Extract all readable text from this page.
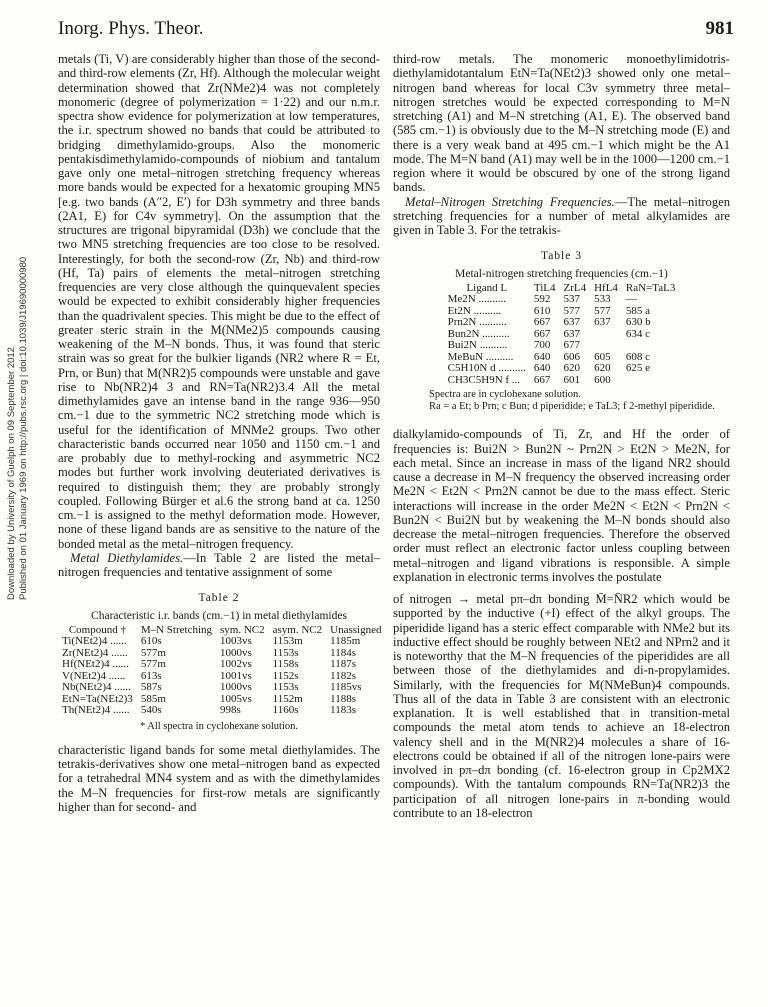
Inorg. Phys. Theor.	981
Downloaded by University of Guelph on 09 September 2012 Published on 01 January 1969 on http://pubs.rsc.org | doi:10.1039/J19690000980

metals (Ti, V) are considerably higher than those of the second- and third-row elements (Zr, Hf). Although the molecular weight determination showed that Zr(NMe2)4 was not completely monomeric (degree of polymerization = 1·22) and our n.m.r. spectra show evidence for polymerization at low temperatures, the i.r. spectrum showed no bands that could be attributed to bridging dimethylamido-groups. Also the monomeric pentakisdimethylamido-compounds of niobium and tantalum gave only one metal–nitrogen stretching frequency whereas more bands would be expected for a hexatomic grouping MN5 [e.g. two bands (A″2, E′) for D3h symmetry and three bands (2A1, E) for C4v symmetry]. On the assumption that the structures are trigonal bipyramidal (D3h) we conclude that the two MN5 stretching frequencies are too close to be resolved. Interestingly, for both the second-row (Zr, Nb) and third-row (Hf, Ta) pairs of elements the metal–nitrogen stretching frequencies are very close although the quinquevalent species would be expected to exhibit considerably higher frequencies than the quadrivalent species. This might be due to the effect of greater steric strain in the M(NMe2)5 compounds causing weakening of the M–N bonds. Thus, it was found that steric strain was so great for the bulkier ligands (NR2 where R = Et, Prn, or Bun) that M(NR2)5 compounds were unstable and gave rise to Nb(NR2)4 3 and RN=Ta(NR2)3.4 All the metal dimethylamides gave an intense band in the range 936—950 cm.−1 due to the symmetric NC2 stretching mode which is useful for the identification of MNMe2 groups. Two other characteristic bands occurred near 1050 and 1150 cm.−1 and are probably due to methyl-rocking and asymmetric NC2 modes but further work involving deuteriated derivatives is required to distinguish them; they are probably strongly coupled. Following Bürger et al.6 the strong band at ca. 1250 cm.−1 is assigned to the methyl deformation mode. However, none of these ligand bands are as sensitive to the nature of the bonded metal as the metal–nitrogen frequency.

Metal Diethylamides.—In Table 2 are listed the metal–nitrogen frequencies and tentative assignment of some

Table 2
Characteristic i.r. bands (cm.−1) in metal diethylamides
Compound †	M–N Stretching	sym. NC2	asym. NC2	Unassigned
Ti(NEt2)4 ......	610s	1003vs	1153m	1185m
Zr(NEt2)4 ......	577m	1000vs	1153s	1184s
Hf(NEt2)4 ......	577m	1002vs	1158s	1187s
V(NEt2)4 ......	613s	1001vs	1152s	1182s
Nb(NEt2)4 ......	587s	1000vs	1153s	1185vs
EtN=Ta(NEt2)3	585m	1005vs	1152m	1188s
Th(NEt2)4 ......	540s	998s	1160s	1183s
* All spectra in cyclohexane solution.

characteristic ligand bands for some metal diethylamides. The tetrakis-derivatives show one metal–nitrogen band as expected for a tetrahedral MN4 system and as with the dimethylamides the M–N frequencies for first-row metals are significantly higher than for second- and

third-row metals. The monomeric monoethylimidotris-diethylamidotantalum EtN=Ta(NEt2)3 showed only one metal–nitrogen band whereas for local C3v symmetry three metal–nitrogen stretches would be expected corresponding to M=N stretching (A1) and M–N stretching (A1, E). The observed band (585 cm.−1) is obviously due to the M–N stretching mode (E) and there is a very weak band at 495 cm.−1 which might be the A1 mode. The M=N band (A1) may well be in the 1000—1200 cm.−1 region where it would be obscured by one of the strong ligand bands.

Metal–Nitrogen Stretching Frequencies.—The metal–nitrogen stretching frequencies for a number of metal alkylamides are given in Table 3. For the tetrakis-

Table 3
Metal-nitrogen stretching frequencies (cm.−1)
Ligand L	TiL4	ZrL4	HfL4	RaN=TaL3
Me2N ..........	592	537	533	—
Et2N ..........	610	577	577	585 a
Prn2N ..........	667	637	637	630 b
Bun2N ..........	667	637		634 c
Bui2N ..........	700	677		
MeBuN ..........	640	606	605	608 c
C5H10N d ..........	640	620	620	625 e
CH3C5H9N f ...	667	601	600	
Spectra are in cyclohexane solution.
Ra = a Et; b Prn; c Bun; d piperidide; e TaL3; f 2-methyl piperidide.

dialkylamido-compounds of Ti, Zr, and Hf the order of frequencies is: Bui2N > Bun2N ~ Prn2N > Et2N > Me2N, for each metal. Since an increase in mass of the ligand NR2 should cause a decrease in M–N frequency the observed increasing order Me2N < Et2N < Prn2N cannot be due to the mass effect. Steric interactions will increase in the order Me2N < Et2N < Prn2N < Bun2N < Bui2N but by weakening the M–N bonds should also decrease the metal–nitrogen frequencies. Therefore the observed order must reflect an electronic factor unless coupling between metal–nitrogen and ligand vibrations is responsible. A simple explanation in electronic terms involves the postulate

of nitrogen → metal pπ–dπ bonding M̄=N̄R2 which would be supported by the inductive (+I) effect of the alkyl groups. The piperidide ligand has a steric effect comparable with NMe2 but its inductive effect should be roughly between NEt2 and NPrn2 and it is noteworthy that the M–N frequencies of the piperidides are all between those of the diethylamides and di-n-propylamides. Similarly, with the frequencies for M(NMeBun)4 compounds. Thus all of the data in Table 3 are consistent with an electronic explanation. It is well established that in transition-metal compounds the metal atom tends to achieve an 18-electron valency shell and in the M(NR2)4 molecules a share of 16-electrons could be obtained if all of the nitrogen lone-pairs were involved in pπ–dπ bonding (cf. 16-electron group in Cp2MX2 compounds). With the tantalum compounds RN=Ta(NR2)3 the participation of all nitrogen lone-pairs in π-bonding would contribute to an 18-electron
